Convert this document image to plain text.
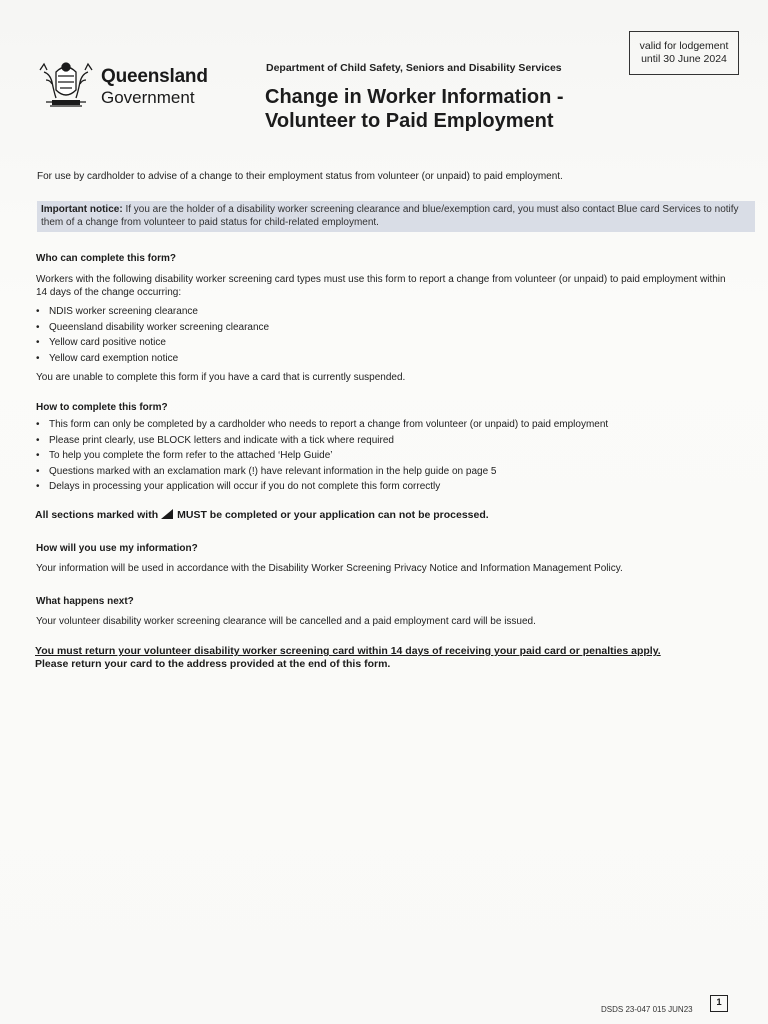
valid for lodgement
until 30 June 2024
Queensland
Government
Department of Child Safety, Seniors and Disability Services
Change in Worker Information -
Volunteer to Paid Employment
For use by cardholder to advise of a change to their employment status from volunteer (or unpaid) to paid employment.
Important notice: If you are the holder of a disability worker screening clearance and blue/exemption card, you must also contact Blue card Services to notify them of a change from volunteer to paid status for child-related employment.
Who can complete this form?
Workers with the following disability worker screening card types must use this form to report a change from volunteer (or unpaid) to paid employment within 14 days of the change occurring:
• NDIS worker screening clearance
• Queensland disability worker screening clearance
• Yellow card positive notice
• Yellow card exemption notice
You are unable to complete this form if you have a card that is currently suspended.
How to complete this form?
• This form can only be completed by a cardholder who needs to report a change from volunteer (or unpaid) to paid employment
• Please print clearly, use BLOCK letters and indicate with a tick where required
• To help you complete the form refer to the attached ‘Help Guide’
• Questions marked with an exclamation mark (!) have relevant information in the help guide on page 5
• Delays in processing your application will occur if you do not complete this form correctly
All sections marked with MUST be completed or your application can not be processed.
How will you use my information?
Your information will be used in accordance with the Disability Worker Screening Privacy Notice and Information Management Policy.
What happens next?
Your volunteer disability worker screening clearance will be cancelled and a paid employment card will be issued.
You must return your volunteer disability worker screening card within 14 days of receiving your paid card or penalties apply.
Please return your card to the address provided at the end of this form.
DSDS 23-047 015 JUN23
1
